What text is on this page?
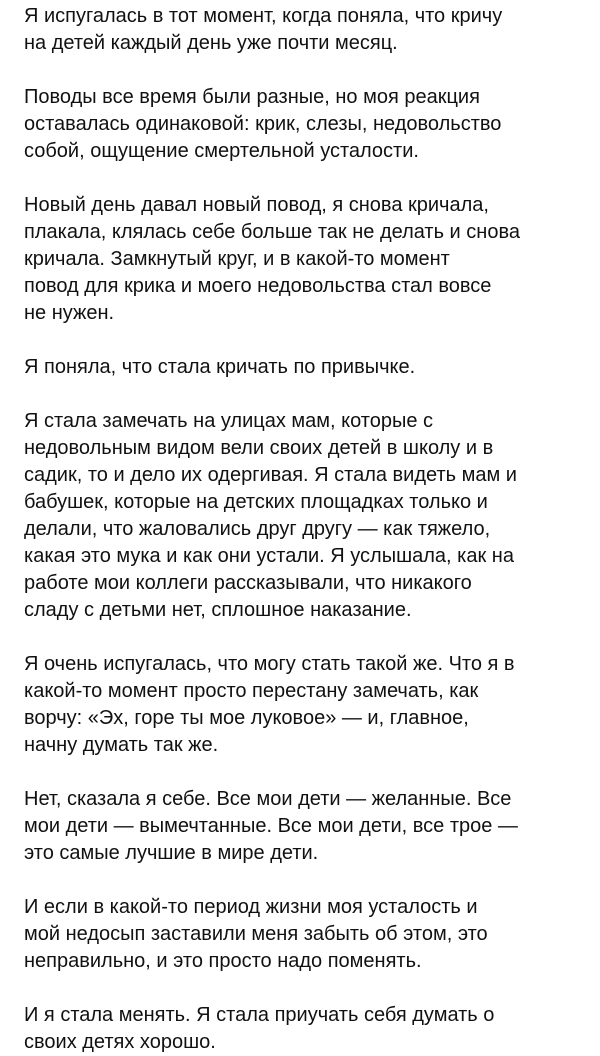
Я испугалась в тот момент, когда поняла, что кричу
на детей каждый день уже почти месяц.

Поводы все время были разные, но моя реакция
оставалась одинаковой: крик, слезы, недовольство
собой, ощущение смертельной усталости.

Новый день давал новый повод, я снова кричала,
плакала, клялась себе больше так не делать и снова
кричала. Замкнутый круг, и в какой-то момент
повод для крика и моего недовольства стал вовсе
не нужен.

Я поняла, что стала кричать по привычке.

Я стала замечать на улицах мам, которые с
недовольным видом вели своих детей в школу и в
садик, то и дело их одергивая. Я стала видеть мам и
бабушек, которые на детских площадках только и
делали, что жаловались друг другу — как тяжело,
какая это мука и как они устали. Я услышала, как на
работе мои коллеги рассказывали, что никакого
сладу с детьми нет, сплошное наказание.

Я очень испугалась, что могу стать такой же. Что я в
какой-то момент просто перестану замечать, как
ворчу: «Эх, горе ты мое луковое» — и, главное,
начну думать так же.

Нет, сказала я себе. Все мои дети — желанные. Все
мои дети — вымечтанные. Все мои дети, все трое —
это самые лучшие в мире дети.

И если в какой-то период жизни моя усталость и
мой недосып заставили меня забыть об этом, это
неправильно, и это просто надо поменять.

И я стала менять. Я стала приучать себя думать о
своих детях хорошо.
